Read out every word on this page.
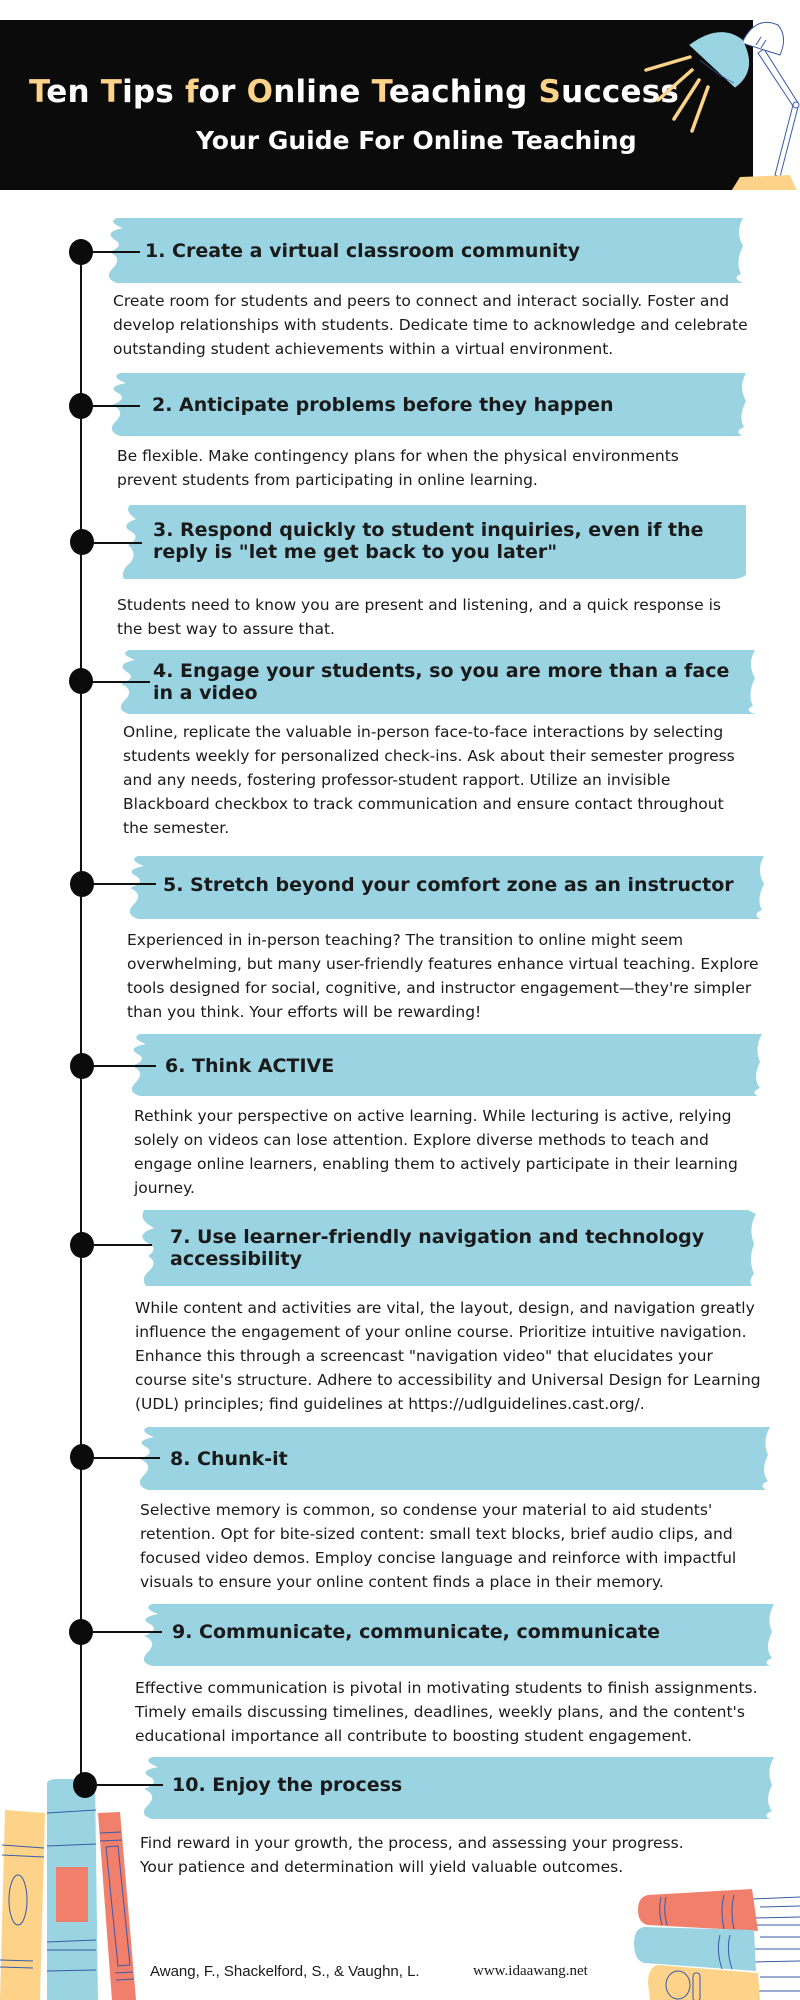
Ten Tips for Online Teaching Success
Your Guide For Online Teaching
1. Create a virtual classroom community
Create room for students and peers to connect and interact socially. Foster and develop relationships with students. Dedicate time to acknowledge and celebrate outstanding student achievements within a virtual environment.
2. Anticipate problems before they happen
Be flexible. Make contingency plans for when the physical environments prevent students from participating in online learning.
3. Respond quickly to student inquiries, even if the reply is "let me get back to you later"
Students need to know you are present and listening, and a quick response is the best way to assure that.
4. Engage your students, so you are more than a face in a video
Online, replicate the valuable in-person face-to-face interactions by selecting students weekly for personalized check-ins. Ask about their semester progress and any needs, fostering professor-student rapport. Utilize an invisible Blackboard checkbox to track communication and ensure contact throughout the semester.
5. Stretch beyond your comfort zone as an instructor
Experienced in in-person teaching? The transition to online might seem overwhelming, but many user-friendly features enhance virtual teaching. Explore tools designed for social, cognitive, and instructor engagement—they're simpler than you think. Your efforts will be rewarding!
6. Think ACTIVE
Rethink your perspective on active learning. While lecturing is active, relying solely on videos can lose attention. Explore diverse methods to teach and engage online learners, enabling them to actively participate in their learning journey.
7. Use learner-friendly navigation and technology accessibility
While content and activities are vital, the layout, design, and navigation greatly influence the engagement of your online course. Prioritize intuitive navigation. Enhance this through a screencast "navigation video" that elucidates your course site's structure. Adhere to accessibility and Universal Design for Learning (UDL) principles; find guidelines at https://udlguidelines.cast.org/.
8. Chunk-it
Selective memory is common, so condense your material to aid students' retention. Opt for bite-sized content: small text blocks, brief audio clips, and focused video demos. Employ concise language and reinforce with impactful visuals to ensure your online content finds a place in their memory.
9. Communicate, communicate, communicate
Effective communication is pivotal in motivating students to finish assignments. Timely emails discussing timelines, deadlines, weekly plans, and the content's educational importance all contribute to boosting student engagement.
10. Enjoy the process
Find reward in your growth, the process, and assessing your progress. Your patience and determination will yield valuable outcomes.
Awang, F., Shackelford, S., & Vaughn, L.	www.idaawang.net
